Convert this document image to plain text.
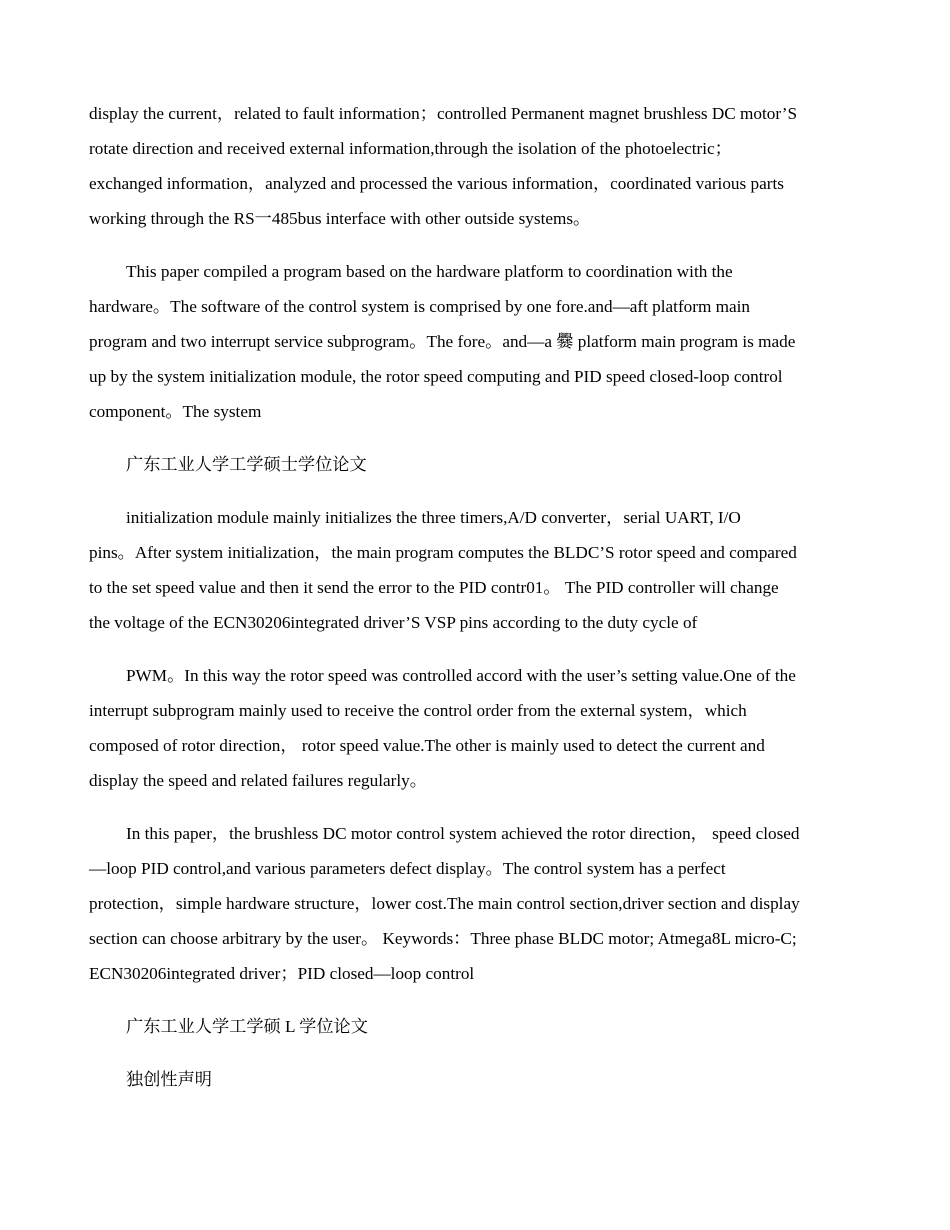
display the current，related to fault information；controlled Permanent magnet brushless DC motor’S
rotate direction and received external information,through the isolation of the photoelectric；
exchanged information，analyzed and processed the various information，coordinated various parts
working through the RS一485bus interface with other outside systems。

This paper compiled a program based on the hardware platform to coordination with the
hardware。The software of the control system is comprised by one fore.and—aft platform main
program and two interrupt service subprogram。The fore。and—a 爨 platform main program is made
up by the system initialization module, the rotor speed computing and PID speed closed-loop control
component。The system

广东工业人学工学硕士学位论文

initialization module mainly initializes the three timers,A/D converter，serial UART, I/O
pins。After system initialization，the main program computes the BLDC’S rotor speed and compared
to the set speed value and then it send the error to the PID contr01。 The PID controller will change
the voltage of the ECN30206integrated driver’S VSP pins according to the duty cycle of

PWM。In this way the rotor speed was controlled accord with the user’s setting value.One of the
interrupt subprogram mainly used to receive the control order from the external system，which
composed of rotor direction， rotor speed value.The other is mainly used to detect the current and
display the speed and related failures regularly。

In this paper，the brushless DC motor control system achieved the rotor direction， speed closed
—loop PID control,and various parameters defect display。The control system has a perfect
protection，simple hardware structure，lower cost.The main control section,driver section and display
section can choose arbitrary by the user。 Keywords：Three phase BLDC motor; Atmega8L micro-C;
ECN30206integrated driver；PID closed—loop control

广东工业人学工学硕 L 学位论文

独创性声明
